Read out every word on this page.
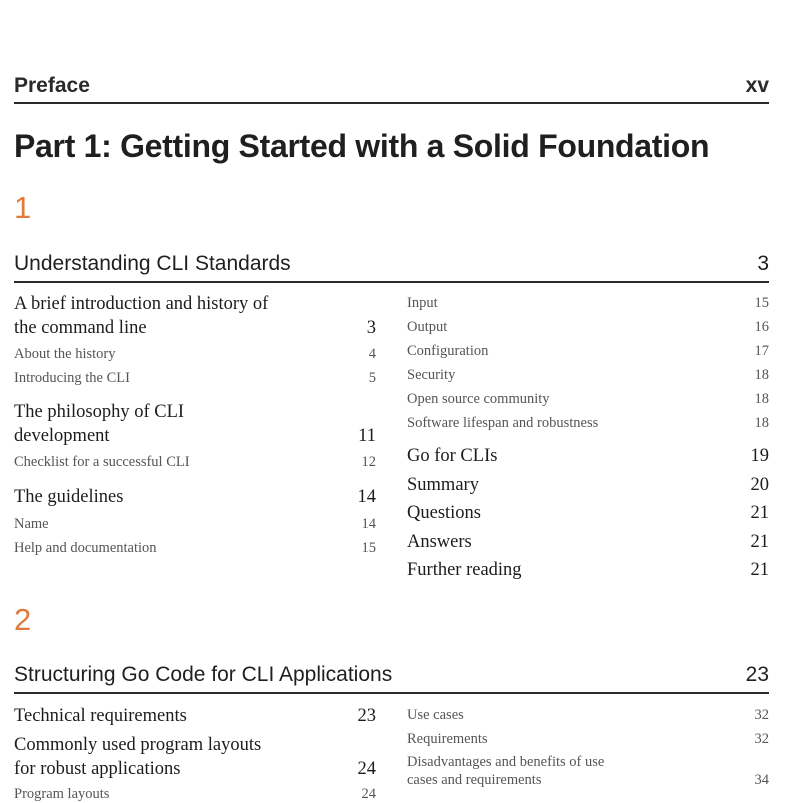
Preface	xv
Part 1: Getting Started with a Solid Foundation
1
Understanding CLI Standards	3
A brief introduction and history of
the command line	3
About the history	4
Introducing the CLI	5
The philosophy of CLI
development	11
Checklist for a successful CLI	12
The guidelines	14
Name	14
Help and documentation	15
Input	15
Output	16
Configuration	17
Security	18
Open source community	18
Software lifespan and robustness	18
Go for CLIs	19
Summary	20
Questions	21
Answers	21
Further reading	21
2
Structuring Go Code for CLI Applications	23
Technical requirements	23
Commonly used program layouts
for robust applications	24
Program layouts	24
Use cases	32
Requirements	32
Disadvantages and benefits of use
cases and requirements	34
